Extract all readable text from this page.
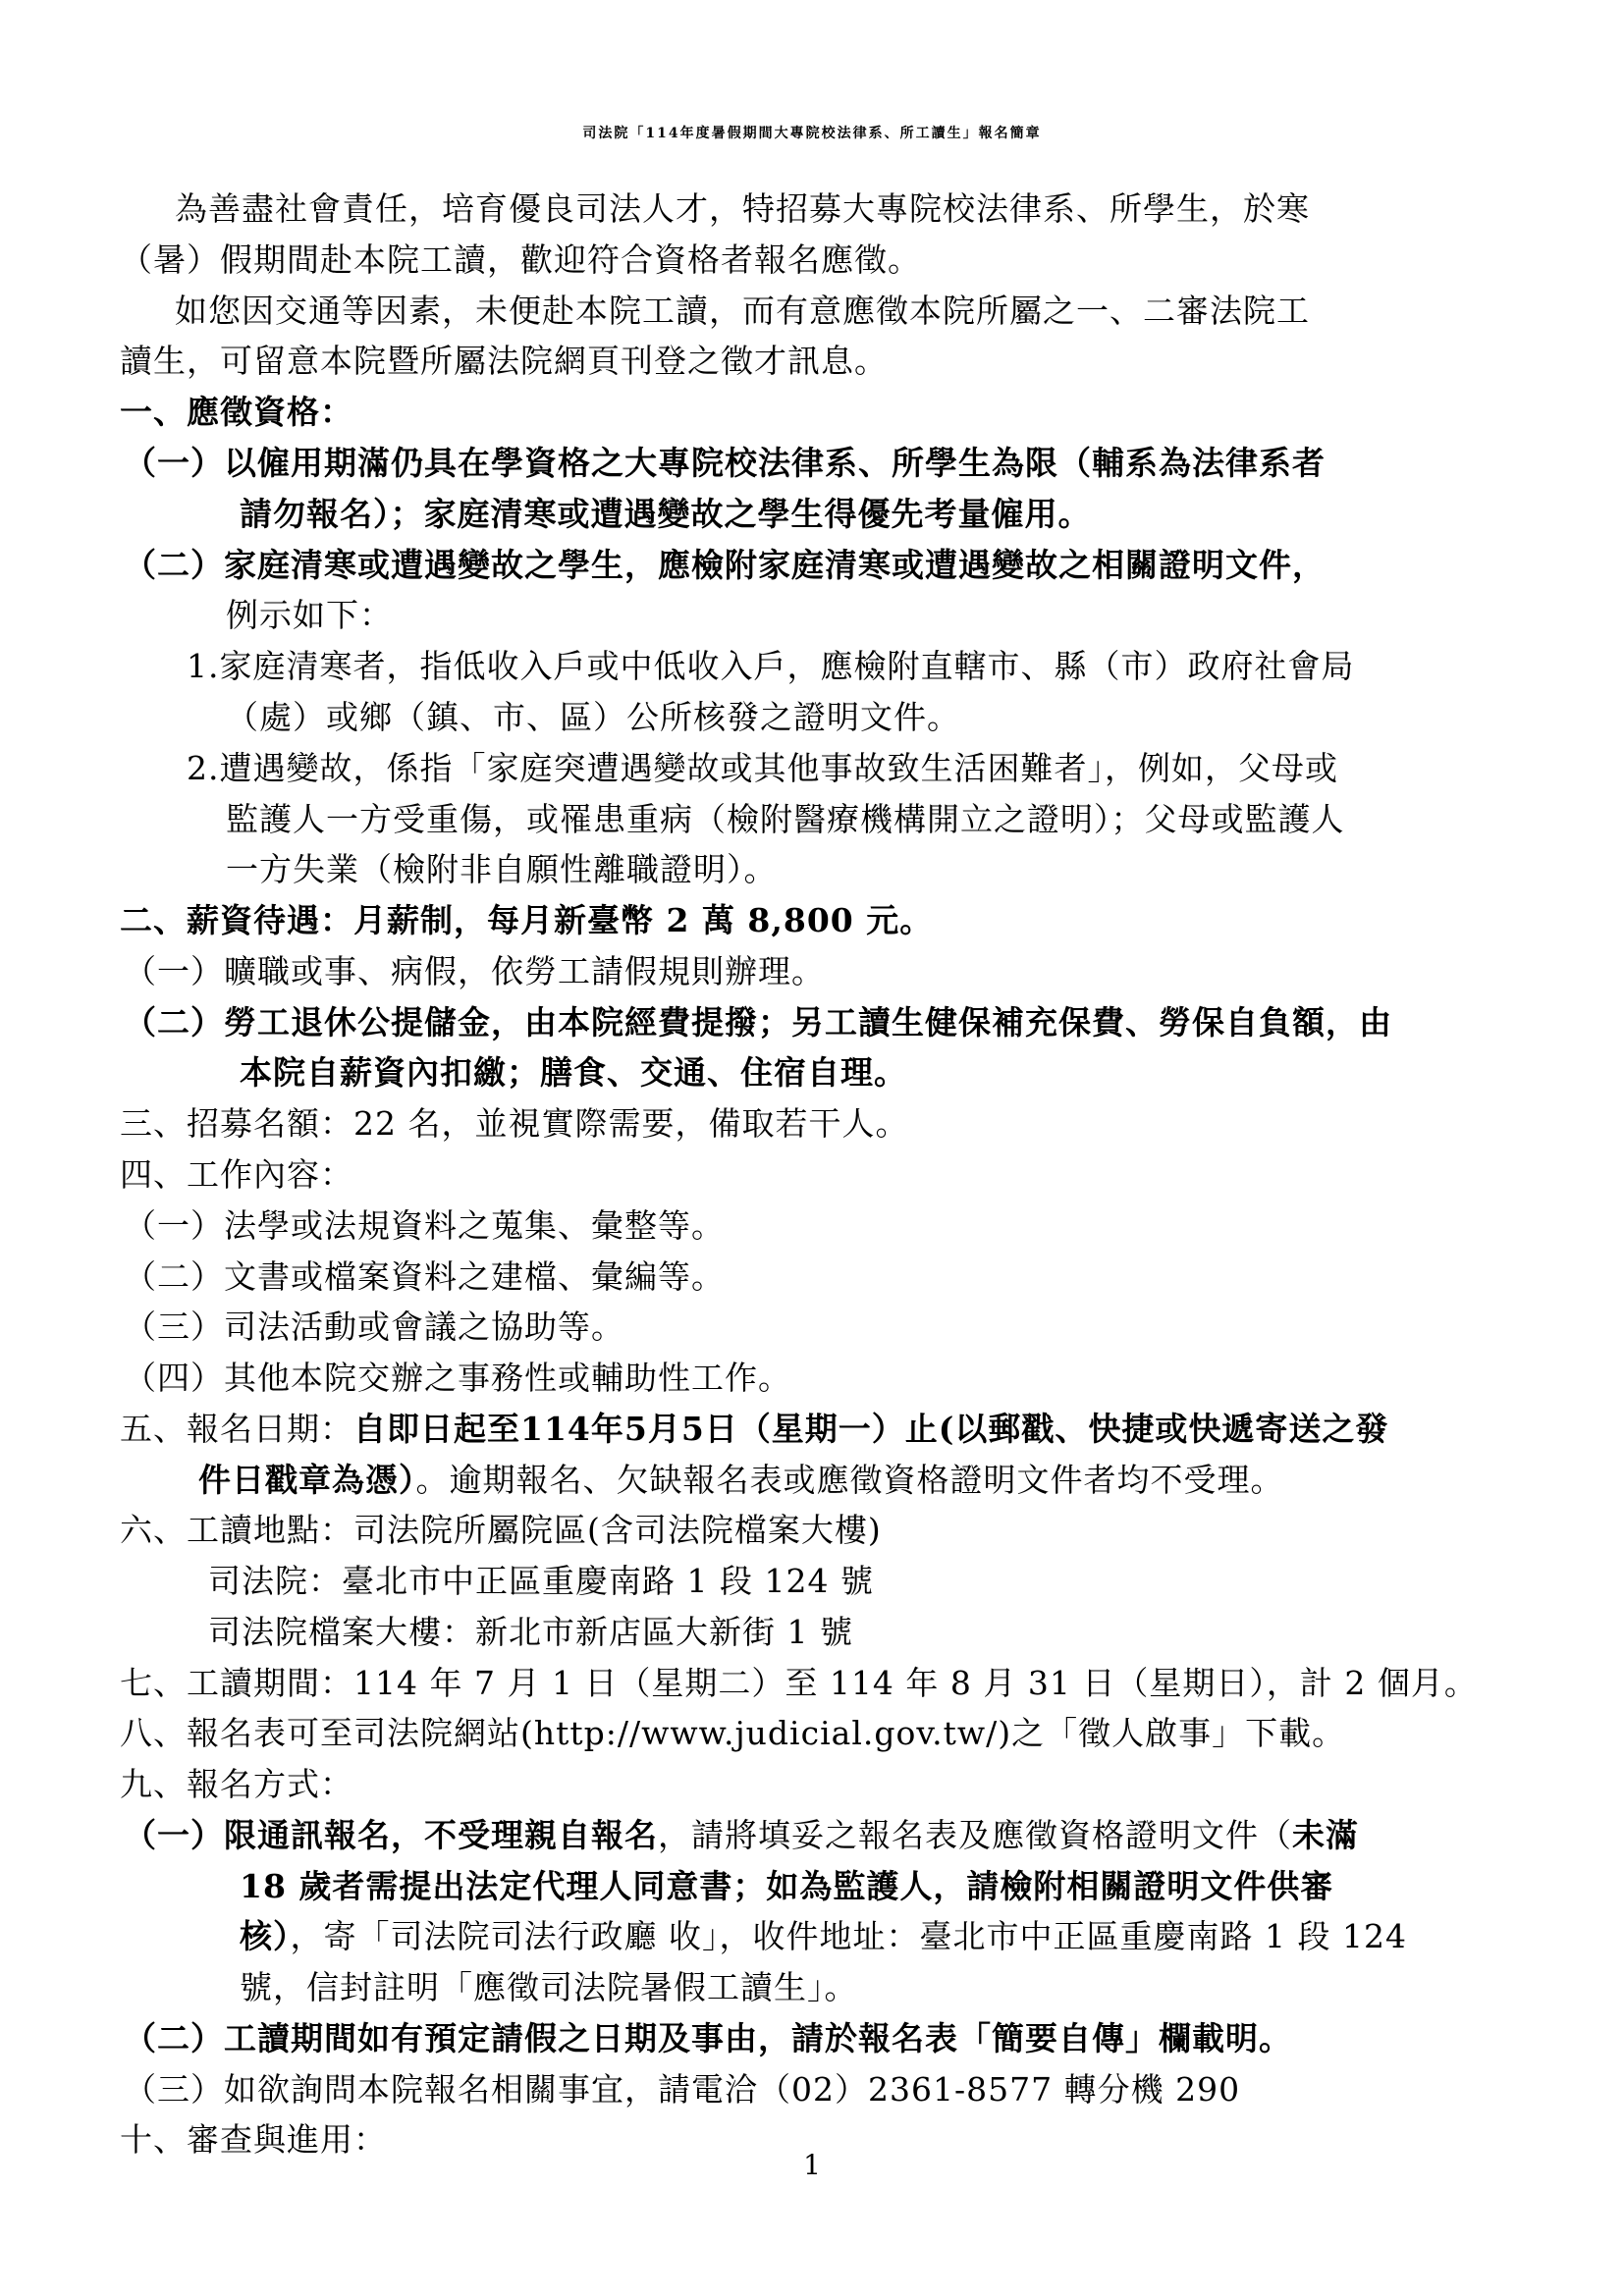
司法院「114年度暑假期間大專院校法律系、所工讀生」報名簡章
為善盡社會責任，培育優良司法人才，特招募大專院校法律系、所學生，於寒
（暑）假期間赴本院工讀，歡迎符合資格者報名應徵。
如您因交通等因素，未便赴本院工讀，而有意應徵本院所屬之一、二審法院工
讀生，可留意本院暨所屬法院網頁刊登之徵才訊息。
一、應徵資格：
（一）以僱用期滿仍具在學資格之大專院校法律系、所學生為限（輔系為法律系者
請勿報名）；家庭清寒或遭遇變故之學生得優先考量僱用。
（二）家庭清寒或遭遇變故之學生，應檢附家庭清寒或遭遇變故之相關證明文件，
例示如下：
1.家庭清寒者，指低收入戶或中低收入戶，應檢附直轄市、縣（市）政府社會局
（處）或鄉（鎮、市、區）公所核發之證明文件。
2.遭遇變故，係指「家庭突遭遇變故或其他事故致生活困難者」，例如，父母或
監護人一方受重傷，或罹患重病（檢附醫療機構開立之證明）；父母或監護人
一方失業（檢附非自願性離職證明）。
二、薪資待遇：月薪制，每月新臺幣 2 萬 8,800 元。
（一）曠職或事、病假，依勞工請假規則辦理。
（二）勞工退休公提儲金，由本院經費提撥；另工讀生健保補充保費、勞保自負額，由
本院自薪資內扣繳；膳食、交通、住宿自理。
三、招募名額：22 名，並視實際需要，備取若干人。
四、工作內容：
（一）法學或法規資料之蒐集、彙整等。
（二）文書或檔案資料之建檔、彙編等。
（三）司法活動或會議之協助等。
（四）其他本院交辦之事務性或輔助性工作。
五、報名日期：自即日起至114年5月5日（星期一）止(以郵戳、快捷或快遞寄送之發
件日戳章為憑）。逾期報名、欠缺報名表或應徵資格證明文件者均不受理。
六、工讀地點：司法院所屬院區(含司法院檔案大樓)
司法院：臺北市中正區重慶南路 1 段 124 號
司法院檔案大樓：新北市新店區大新街 1 號
七、工讀期間：114 年 7 月 1 日（星期二）至 114 年 8 月 31 日（星期日），計 2 個月。
八、報名表可至司法院網站(http://www.judicial.gov.tw/)之「徵人啟事」下載。
九、報名方式：
（一）限通訊報名，不受理親自報名，請將填妥之報名表及應徵資格證明文件（未滿
18 歲者需提出法定代理人同意書；如為監護人，請檢附相關證明文件供審
核），寄「司法院司法行政廳 收」，收件地址：臺北市中正區重慶南路 1 段 124
號，信封註明「應徵司法院暑假工讀生」。
（二）工讀期間如有預定請假之日期及事由，請於報名表「簡要自傳」欄載明。
（三）如欲詢問本院報名相關事宜，請電洽（02）2361-8577 轉分機 290
十、審查與進用：
1
